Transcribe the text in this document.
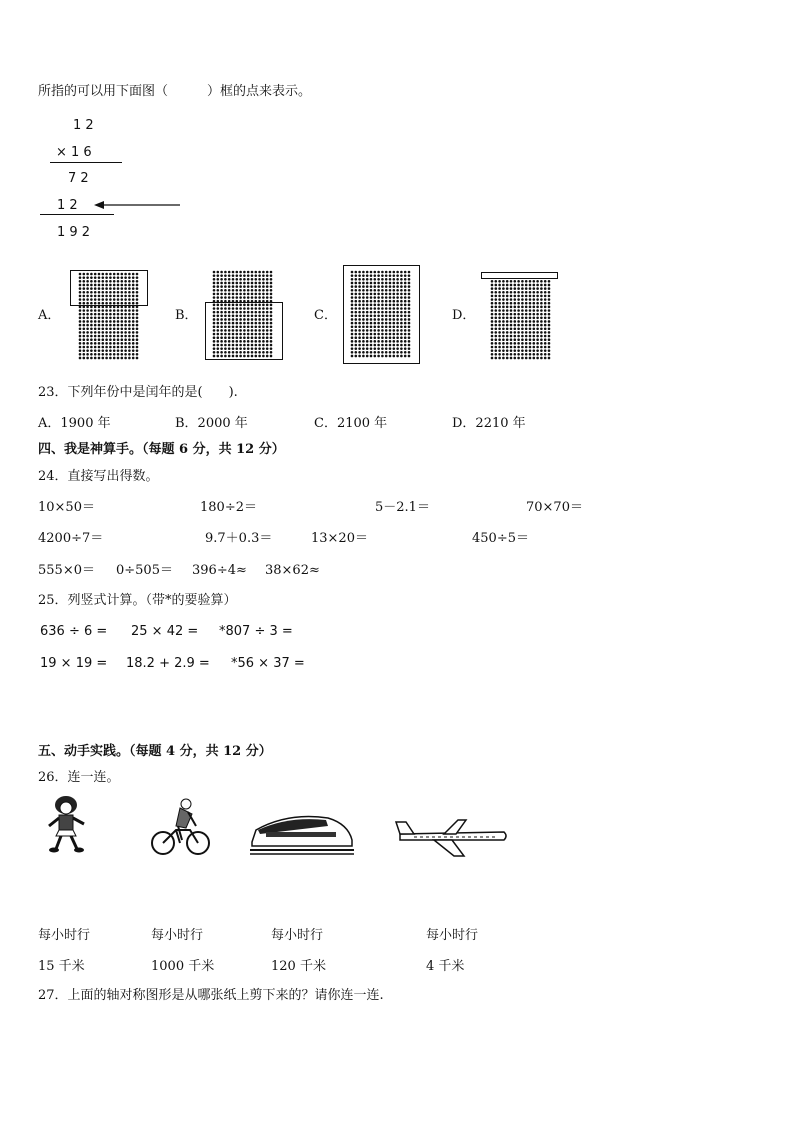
所指的可以用下面图（　　　）框的点来表示。
1 2
× 1 6
7 2
1 2
1 9 2
A．	B．	C．	D．
23．下列年份中是闰年的是(　　).
A．1900 年	B．2000 年	C．2100 年	D．2210 年
四、我是神算手。（每题 6 分，共 12 分）
24．直接写出得数。
10×50＝	180÷2＝	5－2.1＝	70×70＝
4200÷7＝	9.7＋0.3＝	13×20＝	450÷5＝
555×0＝ 0÷505＝ 396÷4≈ 38×62≈
25．列竖式计算。（带*的要验算）
636 ÷ 6 = 25 × 42 = *807 ÷ 3 =
19 × 19 = 18.2 + 2.9 = *56 × 37 =
五、动手实践。（每题 4 分，共 12 分）
26．连一连。
每小时行	每小时行	每小时行	每小时行
15 千米	1000 千米	120 千米	4 千米
27．上面的轴对称图形是从哪张纸上剪下来的？请你连一连.
